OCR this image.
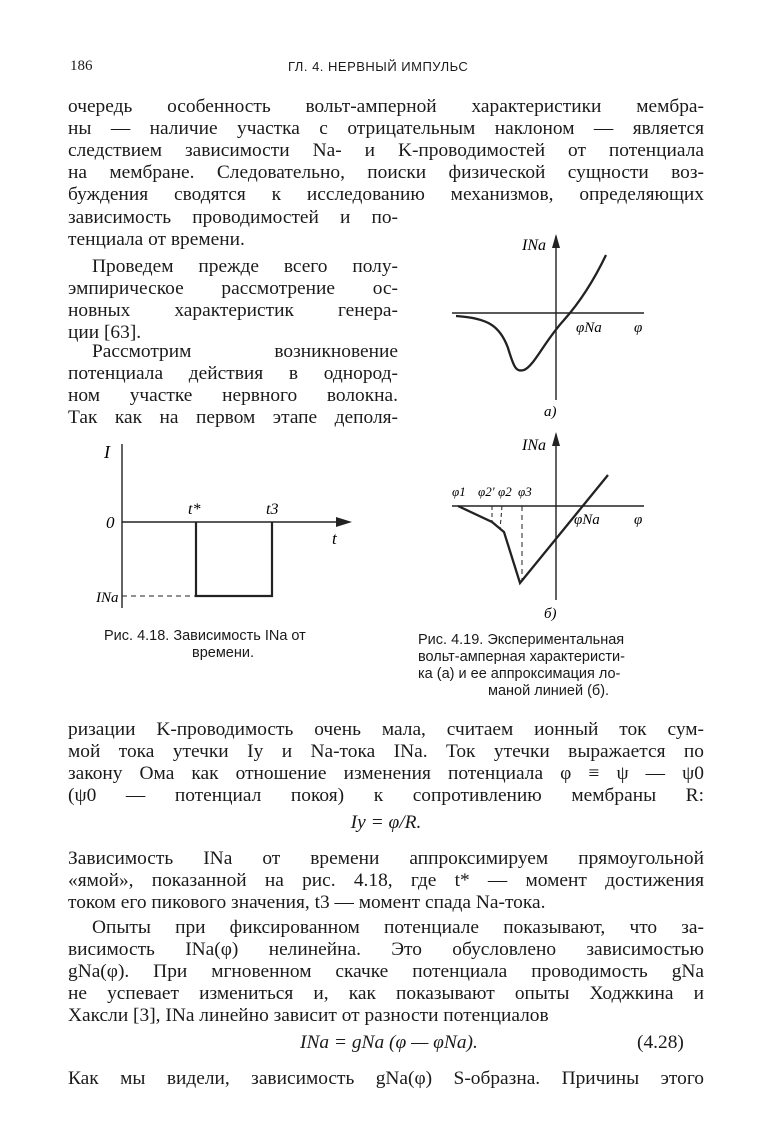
186	ГЛ. 4. НЕРВНЫЙ ИМПУЛЬС
очередь особенность вольт-амперной характеристики мембра-
ны — наличие участка с отрицательным наклоном — является
следствием зависимости Na- и K-проводимостей от потенциала
на мембране. Следовательно, поиски физической сущности воз-
буждения сводятся к исследованию механизмов, определяющих
зависимость проводимостей и по-
тенциала от времени.
Проведем прежде всего полу-
эмпирическое рассмотрение ос-
новных характеристик генера-
ции [63].
Рассмотрим возникновение
потенциала действия в однород-
ном участке нервного волокна.
Так как на первом этапе деполя-
INa
φNa φ
а)
INa
φ1 φ2' φ2 φ3
φNa φ
б)
I
0
t
INa
t*	t3
Рис. 4.18. Зависимость INa от
времени.
Рис. 4.19. Экспериментальная
вольт-амперная характеристи-
ка (а) и ее аппроксимация ло-
маной линией (б).
ризации K-проводимость очень мала, считаем ионный ток сум-
мой тока утечки Iу и Na-тока INa. Ток утечки выражается по
закону Ома как отношение изменения потенциала φ ≡ ψ — ψ0
(ψ0 — потенциал покоя) к сопротивлению мембраны R:
Iу = φ/R.
Зависимость INa от времени аппроксимируем прямоугольной
«ямой», показанной на рис. 4.18, где t* — момент достижения
током его пикового значения, t3 — момент спада Na-тока.
Опыты при фиксированном потенциале показывают, что за-
висимость INa(φ) нелинейна. Это обусловлено зависимостью
gNa(φ). При мгновенном скачке потенциала проводимость gNa
не успевает измениться и, как показывают опыты Ходжкина и
Хаксли [3], INa линейно зависит от разности потенциалов
INa = gNa (φ — φNa).	(4.28)
Как мы видели, зависимость gNa(φ) S-образна. Причины этого
